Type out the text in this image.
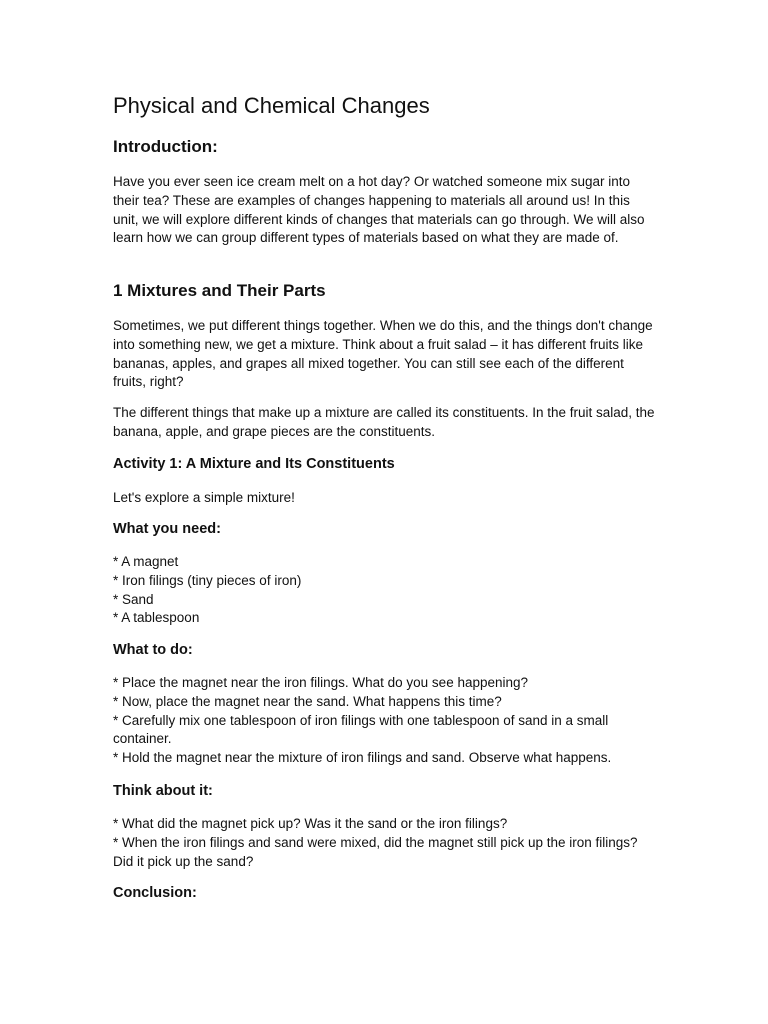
Physical and Chemical Changes
Introduction:

Have you ever seen ice cream melt on a hot day? Or watched someone mix sugar into their tea? These are examples of changes happening to materials all around us! In this unit, we will explore different kinds of changes that materials can go through. We will also learn how we can group different types of materials based on what they are made of.

1 Mixtures and Their Parts

Sometimes, we put different things together. When we do this, and the things don't change into something new, we get a mixture. Think about a fruit salad – it has different fruits like bananas, apples, and grapes all mixed together. You can still see each of the different fruits, right?

The different things that make up a mixture are called its constituents. In the fruit salad, the banana, apple, and grape pieces are the constituents.

Activity 1: A Mixture and Its Constituents

Let's explore a simple mixture!

What you need:
* A magnet
* Iron filings (tiny pieces of iron)
* Sand
* A tablespoon
What to do:
* Place the magnet near the iron filings. What do you see happening?
* Now, place the magnet near the sand. What happens this time?
* Carefully mix one tablespoon of iron filings with one tablespoon of sand in a small container.
* Hold the magnet near the mixture of iron filings and sand. Observe what happens.
Think about it:
* What did the magnet pick up? Was it the sand or the iron filings?
* When the iron filings and sand were mixed, did the magnet still pick up the iron filings? Did it pick up the sand?
Conclusion:
